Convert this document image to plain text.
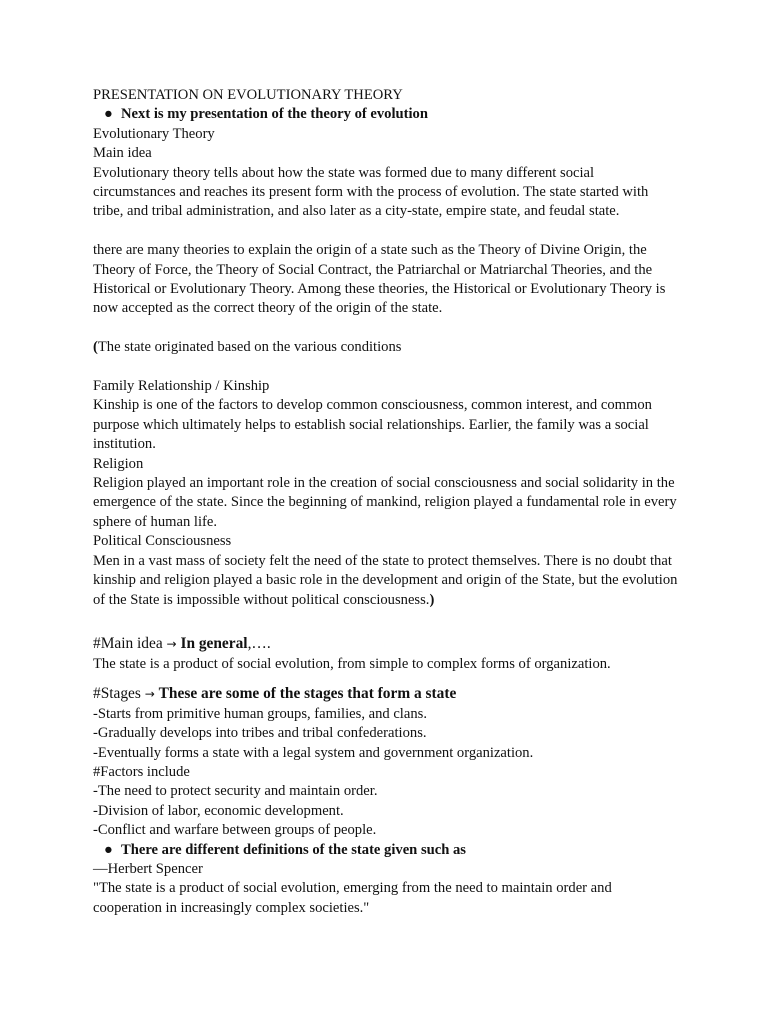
PRESENTATION ON EVOLUTIONARY THEORY
● Next is my presentation of the theory of evolution
Evolutionary Theory
Main idea
Evolutionary theory tells about how the state was formed due to many different social circumstances and reaches its present form with the process of evolution. The state started with tribe, and tribal administration, and also later as a city-state, empire state, and feudal state.
there are many theories to explain the origin of a state such as the Theory of Divine Origin, the Theory of Force, the Theory of Social Contract, the Patriarchal or Matriarchal Theories, and the Historical or Evolutionary Theory. Among these theories, the Historical or Evolutionary Theory is now accepted as the correct theory of the origin of the state.
(The state originated based on the various conditions
Family Relationship / Kinship
Kinship is one of the factors to develop common consciousness, common interest, and common purpose which ultimately helps to establish social relationships. Earlier, the family was a social institution.
Religion
Religion played an important role in the creation of social consciousness and social solidarity in the emergence of the state. Since the beginning of mankind, religion played a fundamental role in every sphere of human life.
Political Consciousness
Men in a vast mass of society felt the need of the state to protect themselves. There is no doubt that kinship and religion played a basic role in the development and origin of the State, but the evolution of the State is impossible without political consciousness.)
#Main idea → In general,….
The state is a product of social evolution, from simple to complex forms of organization.
#Stages → These are some of the stages that form a state
-Starts from primitive human groups, families, and clans.
-Gradually develops into tribes and tribal confederations.
-Eventually forms a state with a legal system and government organization.
#Factors include
-The need to protect security and maintain order.
-Division of labor, economic development.
-Conflict and warfare between groups of people.
● There are different definitions of the state given such as
—Herbert Spencer
"The state is a product of social evolution, emerging from the need to maintain order and cooperation in increasingly complex societies."
